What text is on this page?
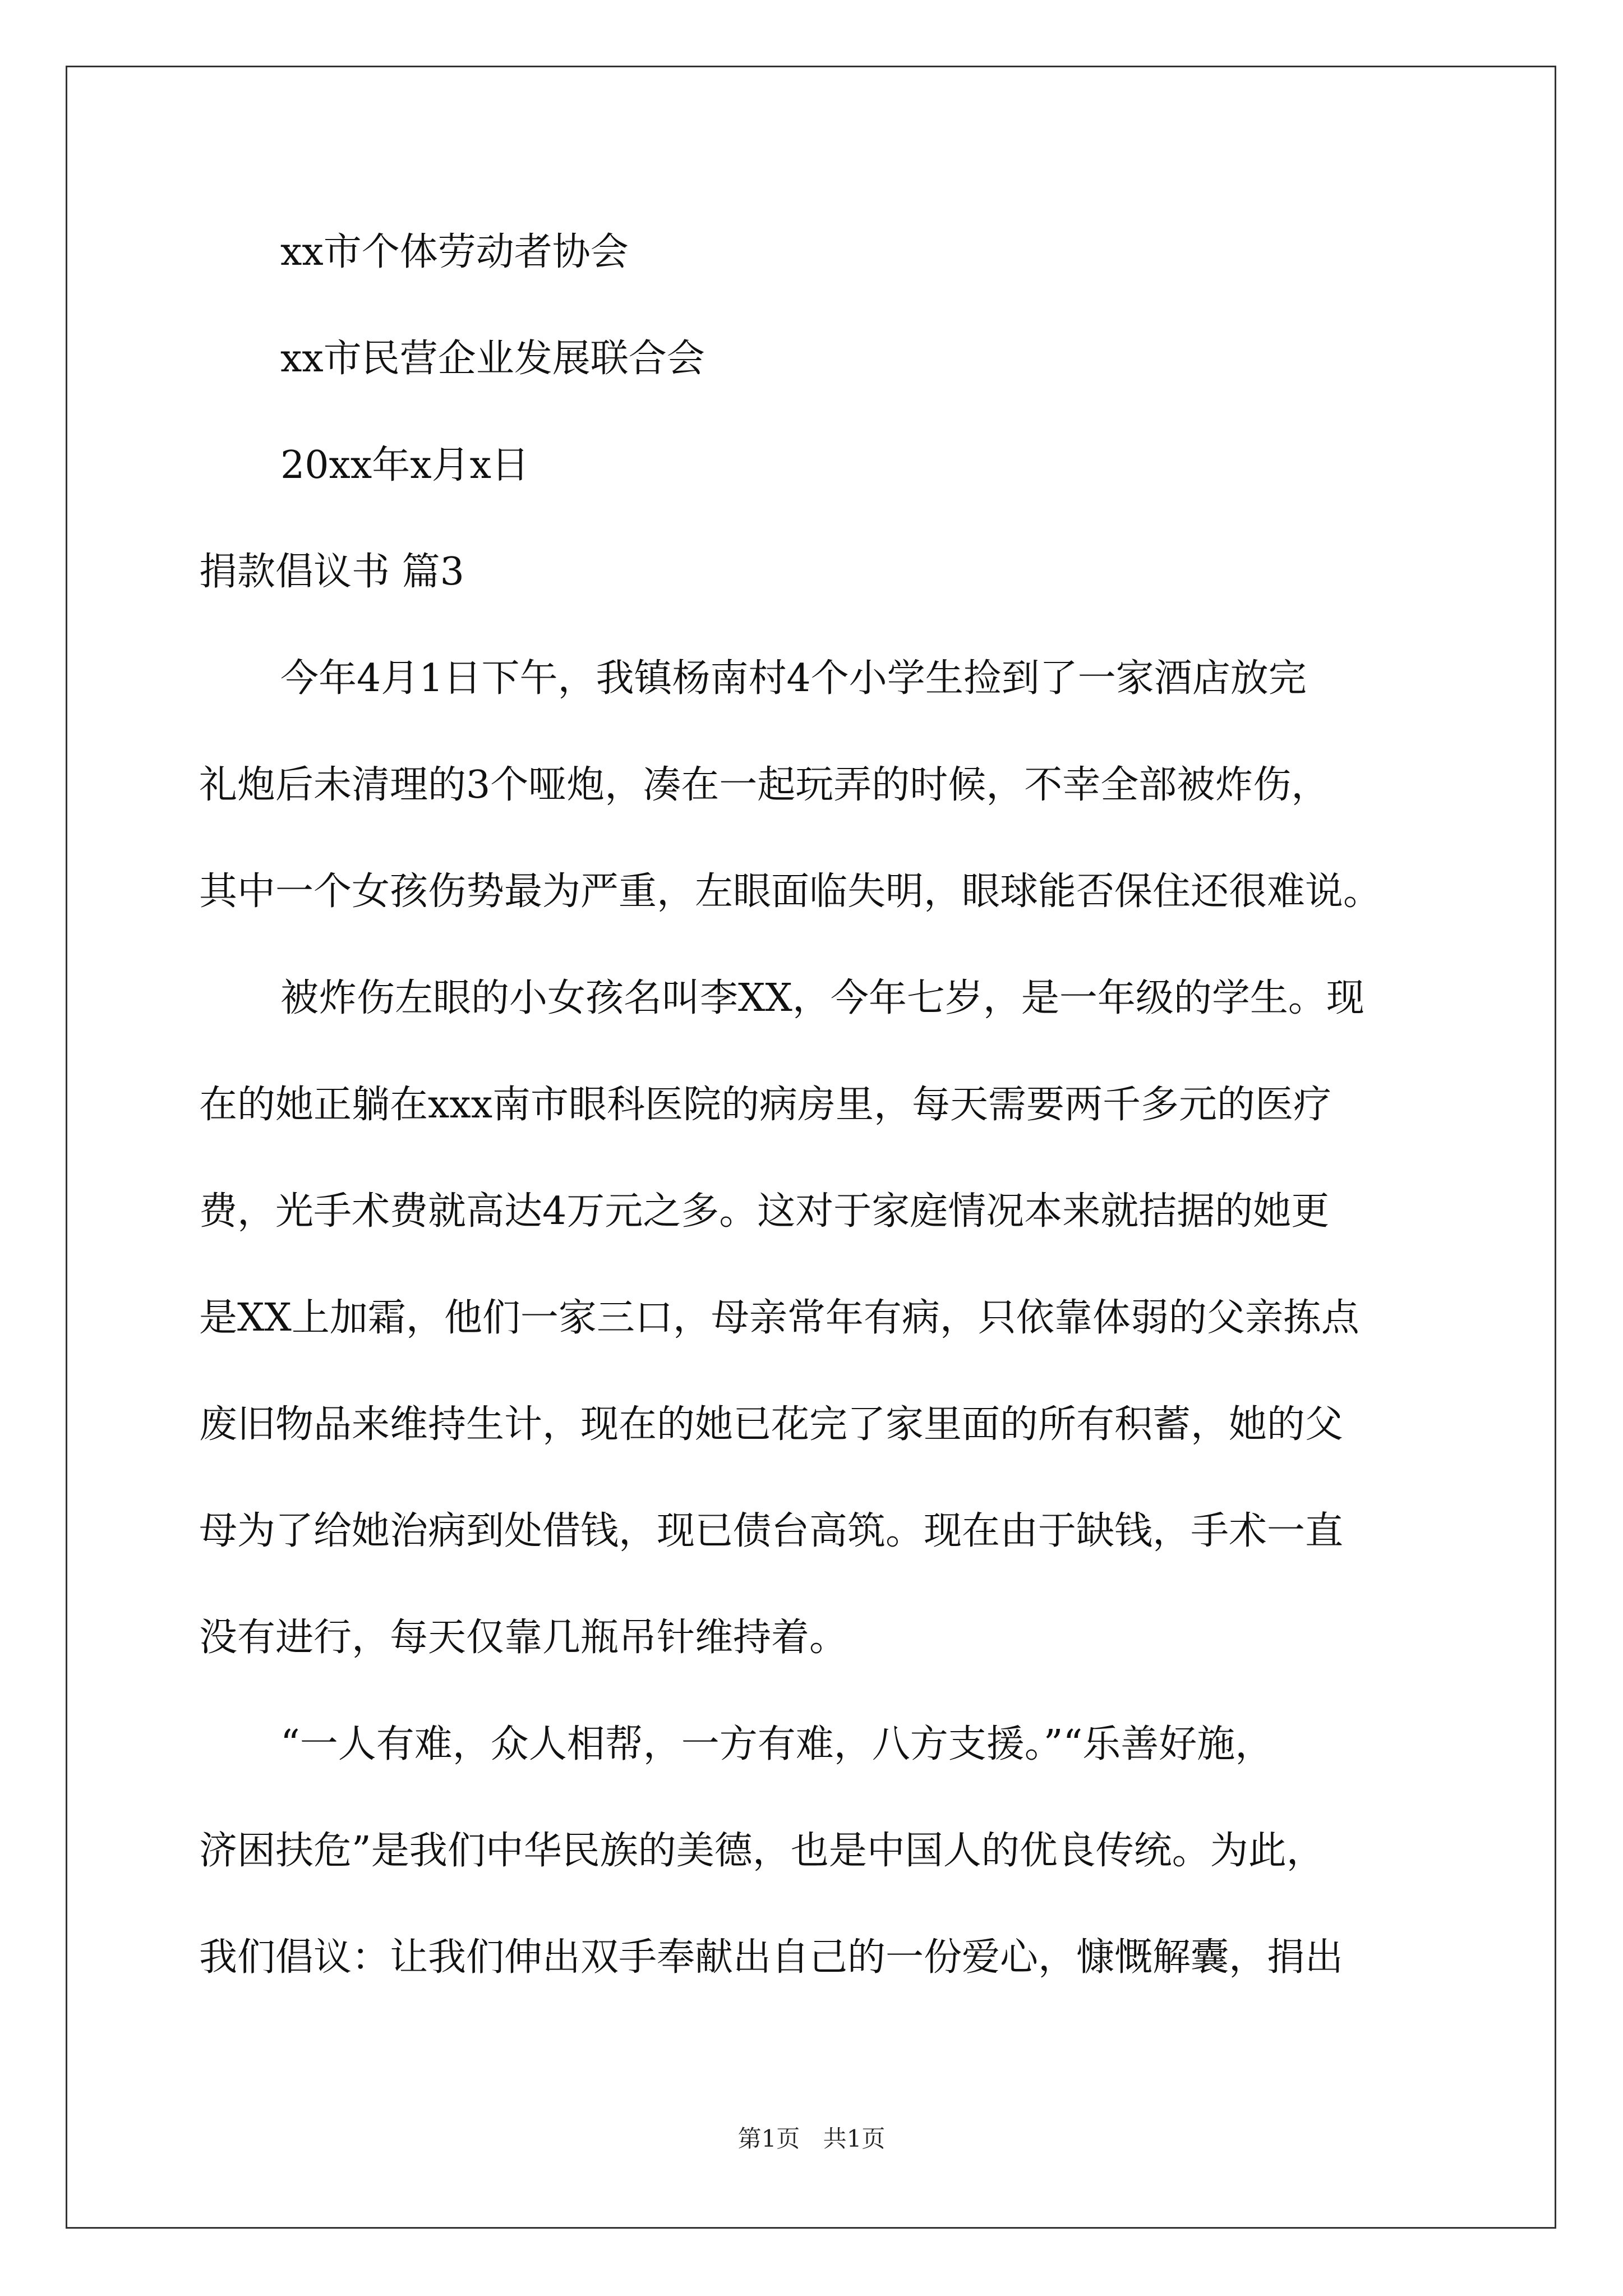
xx市个体劳动者协会
xx市民营企业发展联合会
20xx年x月x日
捐款倡议书 篇3
今年4月1日下午，我镇杨南村4个小学生捡到了一家酒店放完
礼炮后未清理的3个哑炮，凑在一起玩弄的时候，不幸全部被炸伤，
其中一个女孩伤势最为严重，左眼面临失明，眼球能否保住还很难说。
被炸伤左眼的小女孩名叫李XX，今年七岁，是一年级的学生。现
在的她正躺在xxx南市眼科医院的病房里，每天需要两千多元的医疗
费，光手术费就高达4万元之多。这对于家庭情况本来就拮据的她更
是XX上加霜，他们一家三口，母亲常年有病，只依靠体弱的父亲拣点
废旧物品来维持生计，现在的她已花完了家里面的所有积蓄，她的父
母为了给她治病到处借钱，现已债台高筑。现在由于缺钱，手术一直
没有进行，每天仅靠几瓶吊针维持着。
“一人有难，众人相帮，一方有难，八方支援。”“乐善好施，
济困扶危”是我们中华民族的美德，也是中国人的优良传统。为此，
我们倡议：让我们伸出双手奉献出自己的一份爱心，慷慨解囊，捐出
第1页 共1页
